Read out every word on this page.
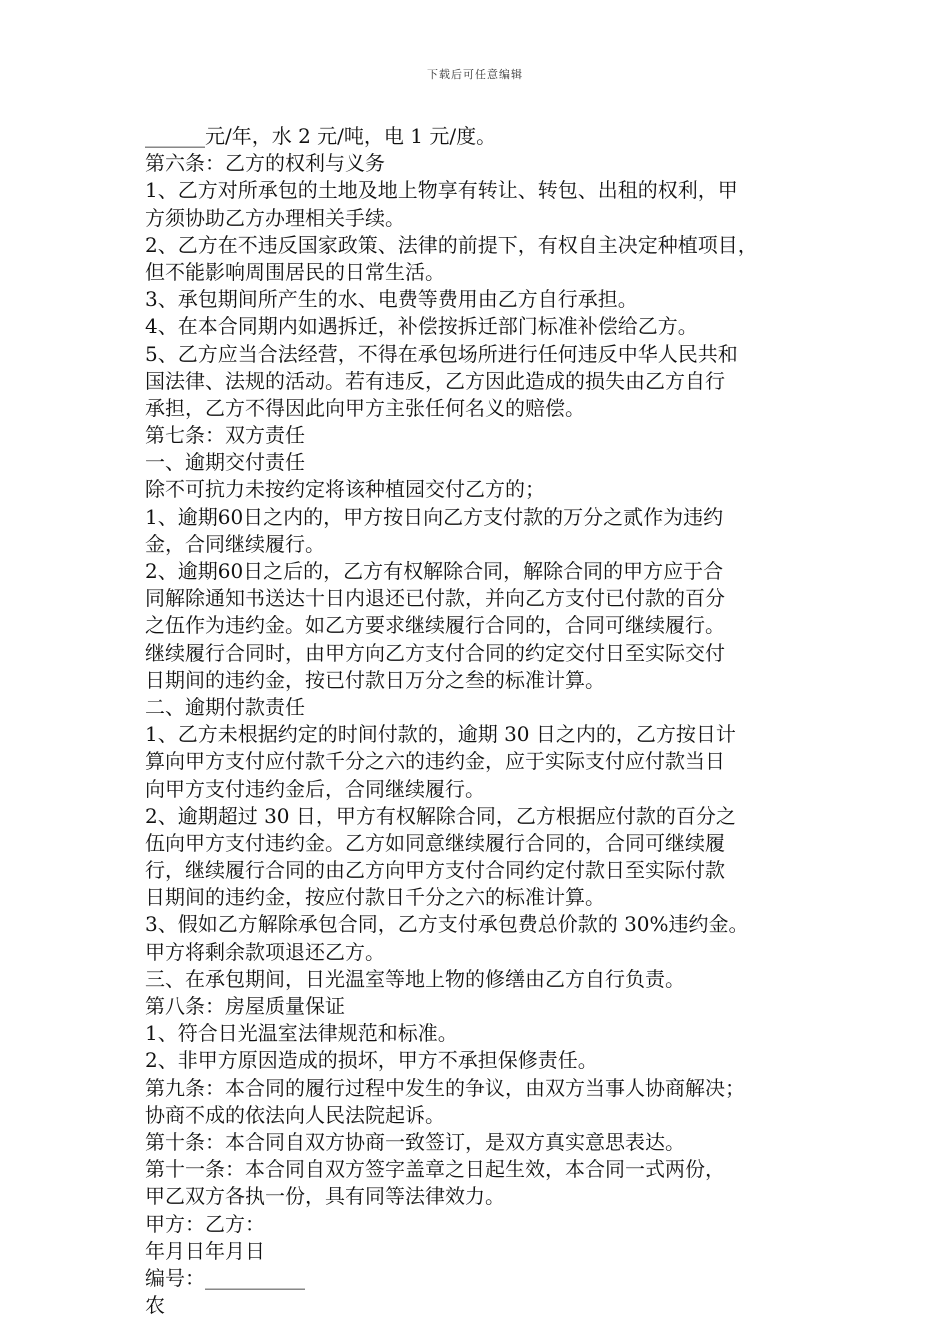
下载后可任意编辑
______元/年，水 2 元/吨，电 1 元/度。
第六条：乙方的权利与义务
1、乙方对所承包的土地及地上物享有转让、转包、出租的权利，甲
方须协助乙方办理相关手续。
2、乙方在不违反国家政策、法律的前提下，有权自主决定种植项目，
但不能影响周围居民的日常生活。
3、承包期间所产生的水、电费等费用由乙方自行承担。
4、在本合同期内如遇拆迁，补偿按拆迁部门标准补偿给乙方。
5、乙方应当合法经营，不得在承包场所进行任何违反中华人民共和
国法律、法规的活动。若有违反，乙方因此造成的损失由乙方自行
承担，乙方不得因此向甲方主张任何名义的赔偿。
第七条：双方责任
一、逾期交付责任
除不可抗力未按约定将该种植园交付乙方的；
1、逾期60日之内的，甲方按日向乙方支付款的万分之贰作为违约
金，合同继续履行。
2、逾期60日之后的，乙方有权解除合同，解除合同的甲方应于合
同解除通知书送达十日内退还已付款，并向乙方支付已付款的百分
之伍作为违约金。如乙方要求继续履行合同的，合同可继续履行。
继续履行合同时，由甲方向乙方支付合同的约定交付日至实际交付
日期间的违约金，按已付款日万分之叁的标准计算。
二、逾期付款责任
1、乙方未根据约定的时间付款的，逾期 30 日之内的，乙方按日计
算向甲方支付应付款千分之六的违约金，应于实际支付应付款当日
向甲方支付违约金后，合同继续履行。
2、逾期超过 30 日，甲方有权解除合同，乙方根据应付款的百分之
伍向甲方支付违约金。乙方如同意继续履行合同的，合同可继续履
行，继续履行合同的由乙方向甲方支付合同约定付款日至实际付款
日期间的违约金，按应付款日千分之六的标准计算。
3、假如乙方解除承包合同，乙方支付承包费总价款的 30%违约金。
甲方将剩余款项退还乙方。
三、在承包期间，日光温室等地上物的修缮由乙方自行负责。
第八条：房屋质量保证
1、符合日光温室法律规范和标准。
2、非甲方原因造成的损坏，甲方不承担保修责任。
第九条：本合同的履行过程中发生的争议，由双方当事人协商解决；
协商不成的依法向人民法院起诉。
第十条：本合同自双方协商一致签订，是双方真实意思表达。
第十一条：本合同自双方签字盖章之日起生效，本合同一式两份，
甲乙双方各执一份，具有同等法律效力。
甲方：乙方：
年月日年月日
编号：__________
农
